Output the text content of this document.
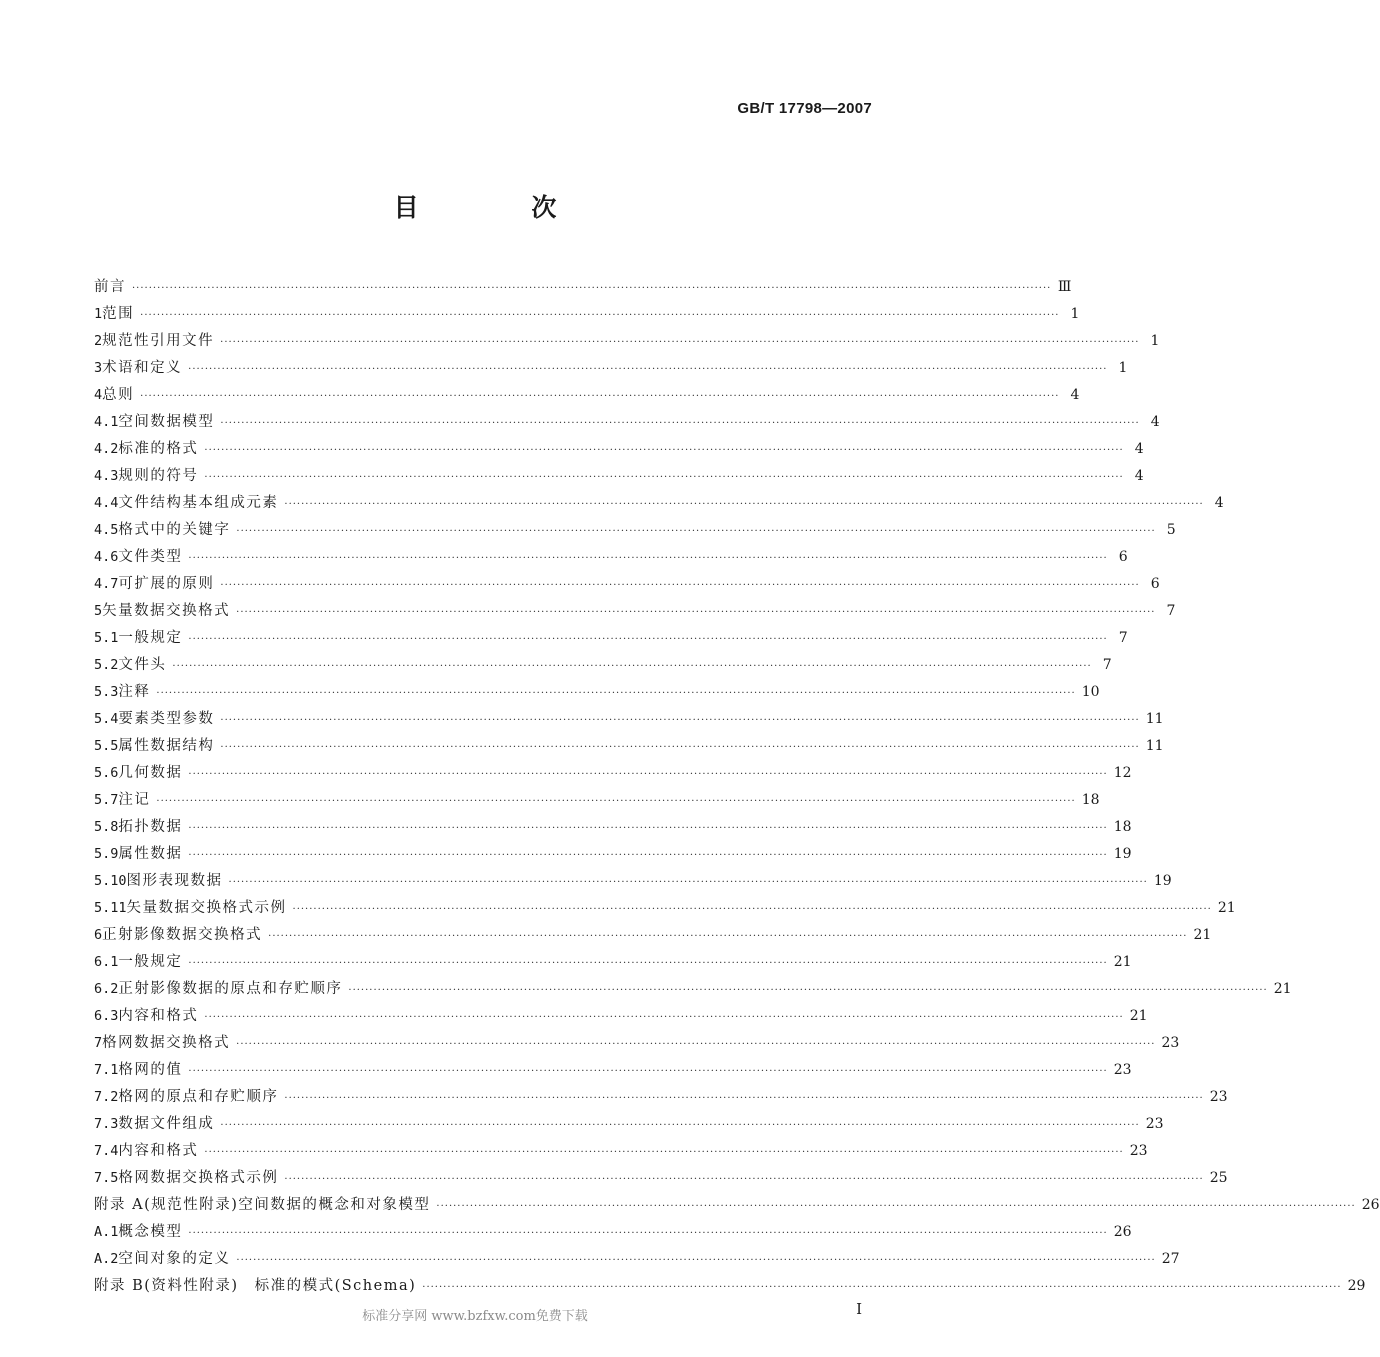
GB/T 17798—2007
目 次
前言 ···························································································································································································································· Ⅲ
1 范围 ···························································································································································································································· 1
2 规范性引用文件 ···························································································································································································································· 1
3 术语和定义 ···························································································································································································································· 1
4 总则 ···························································································································································································································· 4
4.1 空间数据模型 ···························································································································································································································· 4
4.2 标准的格式 ···························································································································································································································· 4
4.3 规则的符号 ···························································································································································································································· 4
4.4 文件结构基本组成元素 ···························································································································································································································· 4
4.5 格式中的关键字 ···························································································································································································································· 5
4.6 文件类型 ···························································································································································································································· 6
4.7 可扩展的原则 ···························································································································································································································· 6
5 矢量数据交换格式 ···························································································································································································································· 7
5.1 一般规定 ···························································································································································································································· 7
5.2 文件头 ···························································································································································································································· 7
5.3 注释 ···························································································································································································································· 10
5.4 要素类型参数 ···························································································································································································································· 11
5.5 属性数据结构 ···························································································································································································································· 11
5.6 几何数据 ···························································································································································································································· 12
5.7 注记 ···························································································································································································································· 18
5.8 拓扑数据 ···························································································································································································································· 18
5.9 属性数据 ···························································································································································································································· 19
5.10 图形表现数据 ···························································································································································································································· 19
5.11 矢量数据交换格式示例 ···························································································································································································································· 21
6 正射影像数据交换格式 ···························································································································································································································· 21
6.1 一般规定 ···························································································································································································································· 21
6.2 正射影像数据的原点和存贮顺序 ···························································································································································································································· 21
6.3 内容和格式 ···························································································································································································································· 21
7 格网数据交换格式 ···························································································································································································································· 23
7.1 格网的值 ···························································································································································································································· 23
7.2 格网的原点和存贮顺序 ···························································································································································································································· 23
7.3 数据文件组成 ···························································································································································································································· 23
7.4 内容和格式 ···························································································································································································································· 23
7.5 格网数据交换格式示例 ···························································································································································································································· 25
附录 A(规范性附录)空间数据的概念和对象模型 ···························································································································································································································· 26
A.1 概念模型 ···························································································································································································································· 26
A.2 空间对象的定义 ···························································································································································································································· 27
附录 B(资料性附录)　标准的模式(Schema) ···························································································································································································································· 29
标准分享网 www.bzfxw.com免费下载	I
